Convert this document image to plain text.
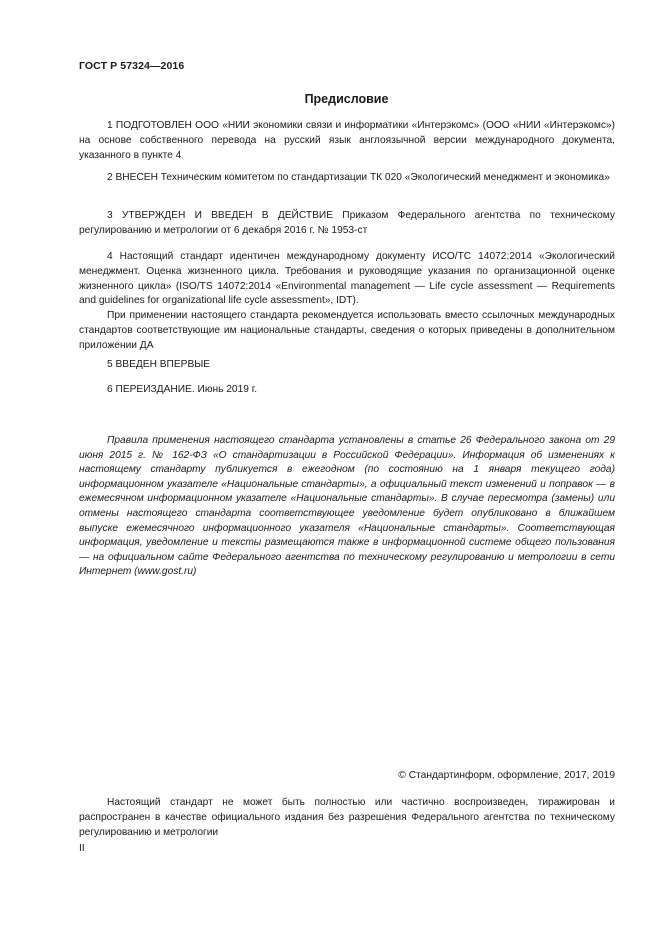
ГОСТ Р 57324—2016
Предисловие

1 ПОДГОТОВЛЕН ООО «НИИ экономики связи и информатики «Интерэкомс» (ООО «НИИ «Интерэкомс») на основе собственного перевода на русский язык англоязычной версии международного документа, указанного в пункте 4

2 ВНЕСЕН Техническим комитетом по стандартизации ТК 020 «Экологический менеджмент и экономика»

3 УТВЕРЖДЕН И ВВЕДЕН В ДЕЙСТВИЕ Приказом Федерального агентства по техническому регулированию и метрологии от 6 декабря 2016 г. № 1953-ст

4 Настоящий стандарт идентичен международному документу ИСО/ТС 14072:2014 «Экологический менеджмент. Оценка жизненного цикла. Требования и руководящие указания по организационной оценке жизненного цикла» (ISO/TS 14072:2014 «Environmental management — Life cycle assessment — Requirements and guidelines for organizational life cycle assessment», IDT).

При применении настоящего стандарта рекомендуется использовать вместо ссылочных международных стандартов соответствующие им национальные стандарты, сведения о которых приведены в дополнительном приложении ДА

5 ВВЕДЕН ВПЕРВЫЕ

6 ПЕРЕИЗДАНИЕ. Июнь 2019 г.

Правила применения настоящего стандарта установлены в статье 26 Федерального закона от 29 июня 2015 г. № 162-ФЗ «О стандартизации в Российской Федерации». Информация об изменениях к настоящему стандарту публикуется в ежегодном (по состоянию на 1 января текущего года) информационном указателе «Национальные стандарты», а официальный текст изменений и поправок — в ежемесячном информационном указателе «Национальные стандарты». В случае пересмотра (замены) или отмены настоящего стандарта соответствующее уведомление будет опубликовано в ближайшем выпуске ежемесячного информационного указателя «Национальные стандарты». Соответствующая информация, уведомление и тексты размещаются также в информационной системе общего пользования — на официальном сайте Федерального агентства по техническому регулированию и метрологии в сети Интернет (www.gost.ru)

© Стандартинформ, оформление, 2017, 2019

Настоящий стандарт не может быть полностью или частично воспроизведен, тиражирован и распространен в качестве официального издания без разрешения Федерального агентства по техническому регулированию и метрологии

II
